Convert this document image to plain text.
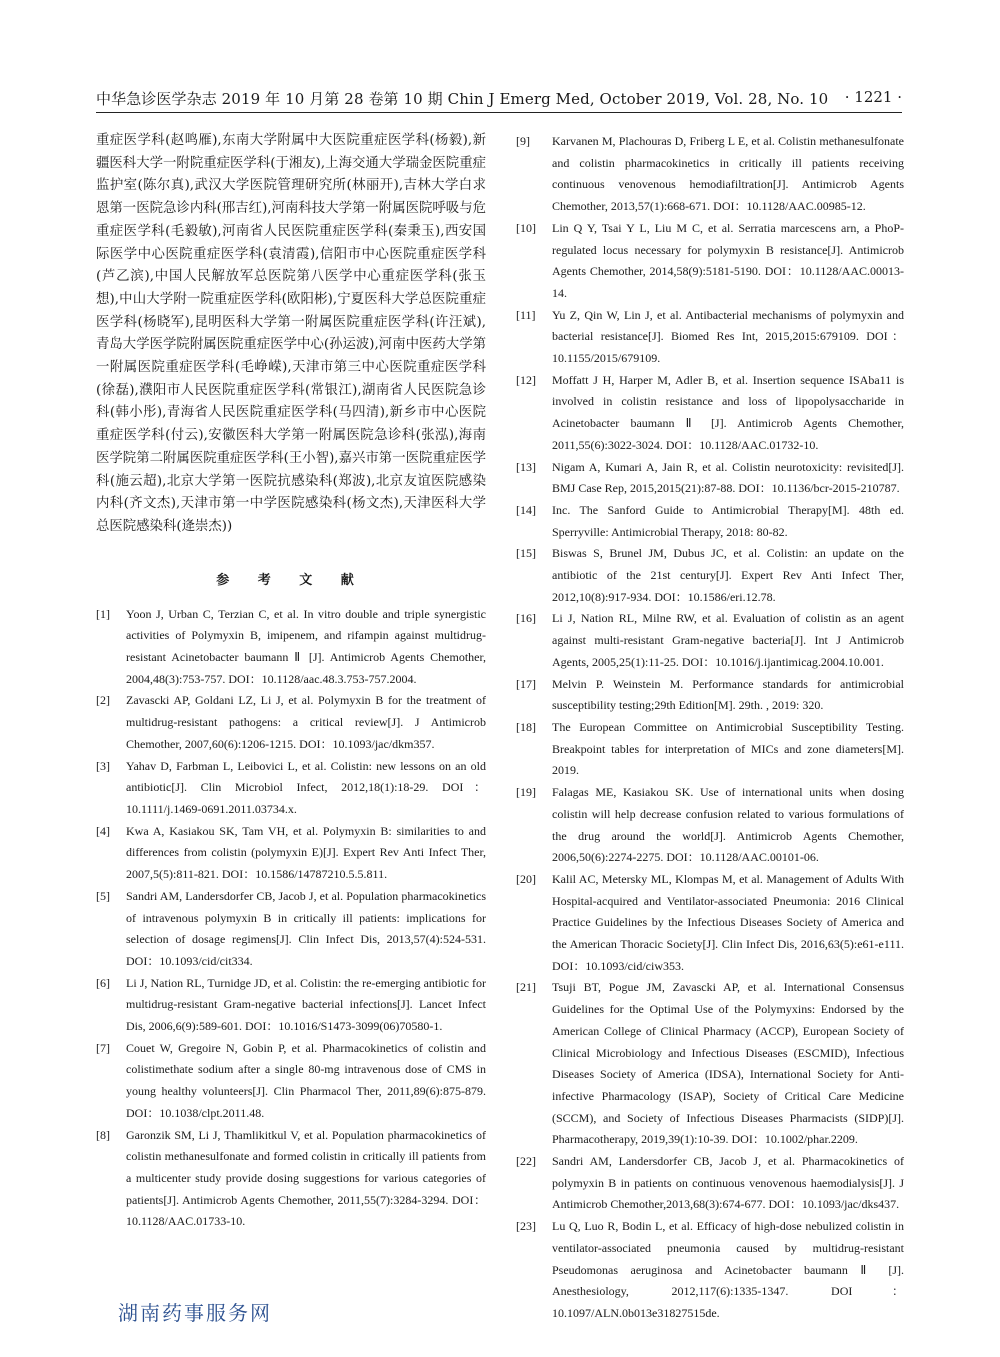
中华急诊医学杂志 2019 年 10 月第 28 卷第 10 期 Chin J Emerg Med, October 2019, Vol. 28, No. 10 · 1221 ·

重症医学科(赵鸣雁),东南大学附属中大医院重症医学科(杨毅),新疆医科大学一附院重症医学科(于湘友),上海交通大学瑞金医院重症监护室(陈尔真),武汉大学医院管理研究所(林丽开),吉林大学白求恩第一医院急诊内科(邢吉红),河南科技大学第一附属医院呼吸与危重症医学科(毛毅敏),河南省人民医院重症医学科(秦秉玉),西安国际医学中心医院重症医学科(袁清霞),信阳市中心医院重症医学科(芦乙滨),中国人民解放军总医院第八医学中心重症医学科(张玉想),中山大学附一院重症医学科(欧阳彬),宁夏医科大学总医院重症医学科(杨晓军),昆明医科大学第一附属医院重症医学科(许汪斌),青岛大学医学院附属医院重症医学中心(孙运波),河南中医药大学第一附属医院重症医学科(毛峥嵘),天津市第三中心医院重症医学科(徐磊),濮阳市人民医院重症医学科(常银江),湖南省人民医院急诊科(韩小彤),青海省人民医院重症医学科(马四清),新乡市中心医院重症医学科(付云),安徽医科大学第一附属医院急诊科(张泓),海南医学院第二附属医院重症医学科(王小智),嘉兴市第一医院重症医学科(施云超),北京大学第一医院抗感染科(郑波),北京友谊医院感染内科(齐文杰),天津市第一中学医院感染科(杨文杰),天津医科大学总医院感染科(逄崇杰))

参 考 文 献
[1] Yoon J, Urban C, Terzian C, et al. In vitro double and triple synergistic activities of Polymyxin B, imipenem, and rifampin against multidrug-resistant Acinetobacter baumann Ⅱ [J]. Antimicrob Agents Chemother, 2004,48(3):753-757. DOI：10.1128/aac.48.3.753-757.2004.
[2] Zavascki AP, Goldani LZ, Li J, et al. Polymyxin B for the treatment of multidrug-resistant pathogens: a critical review[J]. J Antimicrob Chemother, 2007,60(6):1206-1215. DOI：10.1093/jac/dkm357.
[3] Yahav D, Farbman L, Leibovici L, et al. Colistin: new lessons on an old antibiotic[J]. Clin Microbiol Infect, 2012,18(1):18-29. DOI：10.1111/j.1469-0691.2011.03734.x.
[4] Kwa A, Kasiakou SK, Tam VH, et al. Polymyxin B: similarities to and differences from colistin (polymyxin E)[J]. Expert Rev Anti Infect Ther, 2007,5(5):811-821. DOI：10.1586/14787210.5.5.811.
[5] Sandri AM, Landersdorfer CB, Jacob J, et al. Population pharmacokinetics of intravenous polymyxin B in critically ill patients: implications for selection of dosage regimens[J]. Clin Infect Dis, 2013,57(4):524-531. DOI：10.1093/cid/cit334.
[6] Li J, Nation RL, Turnidge JD, et al. Colistin: the re-emerging antibiotic for multidrug-resistant Gram-negative bacterial infections[J]. Lancet Infect Dis, 2006,6(9):589-601. DOI：10.1016/S1473-3099(06)70580-1.
[7] Couet W, Gregoire N, Gobin P, et al. Pharmacokinetics of colistin and colistimethate sodium after a single 80-mg intravenous dose of CMS in young healthy volunteers[J]. Clin Pharmacol Ther, 2011,89(6):875-879. DOI：10.1038/clpt.2011.48.
[8] Garonzik SM, Li J, Thamlikitkul V, et al. Population pharmacokinetics of colistin methanesulfonate and formed colistin in critically ill patients from a multicenter study provide dosing suggestions for various categories of patients[J]. Antimicrob Agents Chemother, 2011,55(7):3284-3294. DOI：10.1128/AAC.01733-10.
[9] Karvanen M, Plachouras D, Friberg L E, et al. Colistin methanesulfonate and colistin pharmacokinetics in critically ill patients receiving continuous venovenous hemodiafiltration[J]. Antimicrob Agents Chemother, 2013,57(1):668-671. DOI：10.1128/AAC.00985-12.
[10] Lin Q Y, Tsai Y L, Liu M C, et al. Serratia marcescens arn, a PhoP-regulated locus necessary for polymyxin B resistance[J]. Antimicrob Agents Chemother, 2014,58(9):5181-5190. DOI：10.1128/AAC.00013-14.
[11] Yu Z, Qin W, Lin J, et al. Antibacterial mechanisms of polymyxin and bacterial resistance[J]. Biomed Res Int, 2015,2015:679109. DOI：10.1155/2015/679109.
[12] Moffatt J H, Harper M, Adler B, et al. Insertion sequence ISAba11 is involved in colistin resistance and loss of lipopolysaccharide in Acinetobacter baumann Ⅱ [J]. Antimicrob Agents Chemother, 2011,55(6):3022-3024. DOI：10.1128/AAC.01732-10.
[13] Nigam A, Kumari A, Jain R, et al. Colistin neurotoxicity: revisited[J]. BMJ Case Rep, 2015,2015(21):87-88. DOI：10.1136/bcr-2015-210787.
[14] Inc. The Sanford Guide to Antimicrobial Therapy[M]. 48th ed. Sperryville: Antimicrobial Therapy, 2018: 80-82.
[15] Biswas S, Brunel JM, Dubus JC, et al. Colistin: an update on the antibiotic of the 21st century[J]. Expert Rev Anti Infect Ther, 2012,10(8):917-934. DOI：10.1586/eri.12.78.
[16] Li J, Nation RL, Milne RW, et al. Evaluation of colistin as an agent against multi-resistant Gram-negative bacteria[J]. Int J Antimicrob Agents, 2005,25(1):11-25. DOI：10.1016/j.ijantimicag.2004.10.001.
[17] Melvin P. Weinstein M. Performance standards for antimicrobial susceptibility testing;29th Edition[M]. 29th. , 2019: 320.
[18] The European Committee on Antimicrobial Susceptibility Testing. Breakpoint tables for interpretation of MICs and zone diameters[M]. 2019.
[19] Falagas ME, Kasiakou SK. Use of international units when dosing colistin will help decrease confusion related to various formulations of the drug around the world[J]. Antimicrob Agents Chemother, 2006,50(6):2274-2275. DOI：10.1128/AAC.00101-06.
[20] Kalil AC, Metersky ML, Klompas M, et al. Management of Adults With Hospital-acquired and Ventilator-associated Pneumonia: 2016 Clinical Practice Guidelines by the Infectious Diseases Society of America and the American Thoracic Society[J]. Clin Infect Dis, 2016,63(5):e61-e111. DOI：10.1093/cid/ciw353.
[21] Tsuji BT, Pogue JM, Zavascki AP, et al. International Consensus Guidelines for the Optimal Use of the Polymyxins: Endorsed by the American College of Clinical Pharmacy (ACCP), European Society of Clinical Microbiology and Infectious Diseases (ESCMID), Infectious Diseases Society of America (IDSA), International Society for Anti-infective Pharmacology (ISAP), Society of Critical Care Medicine (SCCM), and Society of Infectious Diseases Pharmacists (SIDP)[J]. Pharmacotherapy, 2019,39(1):10-39. DOI：10.1002/phar.2209.
[22] Sandri AM, Landersdorfer CB, Jacob J, et al. Pharmacokinetics of polymyxin B in patients on continuous venovenous haemodialysis[J]. J Antimicrob Chemother,2013,68(3):674-677. DOI：10.1093/jac/dks437.
[23] Lu Q, Luo R, Bodin L, et al. Efficacy of high-dose nebulized colistin in ventilator-associated pneumonia caused by multidrug-resistant Pseudomonas aeruginosa and Acinetobacter baumann Ⅱ [J]. Anesthesiology, 2012,117(6):1335-1347. DOI：10.1097/ALN.0b013e31827515de.
湖南药事服务网
